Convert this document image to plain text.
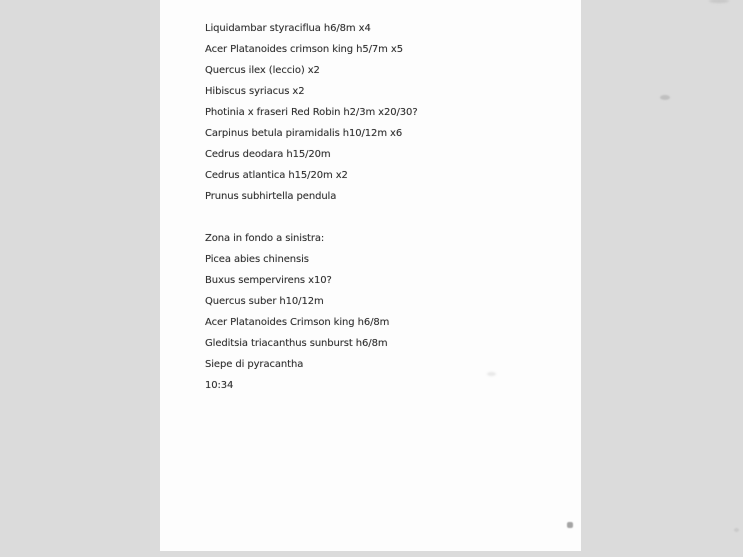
Liquidambar styraciflua h6/8m x4

Acer Platanoides crimson king h5/7m x5

Quercus ilex (leccio) x2

Hibiscus syriacus x2

Photinia x fraseri Red Robin h2/3m x20/30?

Carpinus betula piramidalis h10/12m x6

Cedrus deodara h15/20m

Cedrus atlantica h15/20m x2

Prunus subhirtella pendula

Zona in fondo a sinistra:

Picea abies chinensis

Buxus sempervirens x10?

Quercus suber h10/12m

Acer Platanoides Crimson king h6/8m

Gleditsia triacanthus sunburst h6/8m

Siepe di pyracantha

10:34
